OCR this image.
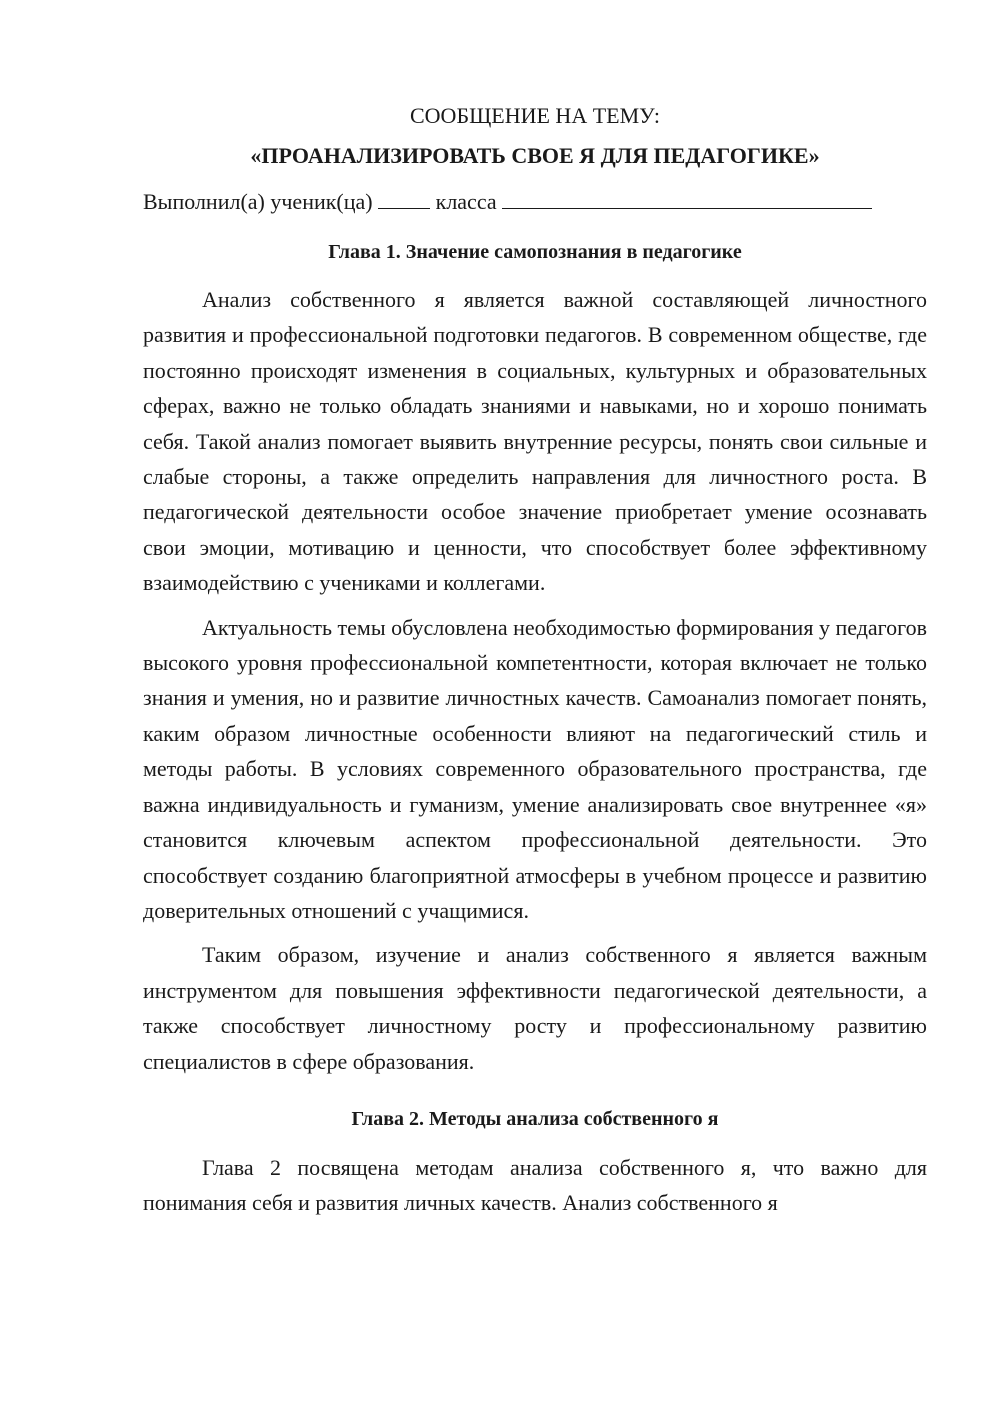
СООБЩЕНИЕ НА ТЕМУ:

«ПРОАНАЛИЗИРОВАТЬ СВОЕ Я ДЛЯ ПЕДАГОГИКЕ»

Выполнил(а) ученик(ца)	класса
Глава 1. Значение самопознания в педагогике

Анализ собственного я является важной составляющей личностного развития и профессиональной подготовки педагогов. В современном обществе, где постоянно происходят изменения в социальных, культурных и образовательных сферах, важно не только обладать знаниями и навыками, но и хорошо понимать себя. Такой анализ помогает выявить внутренние ресурсы, понять свои сильные и слабые стороны, а также определить направления для личностного роста. В педагогической деятельности особое значение приобретает умение осознавать свои эмоции, мотивацию и ценности, что способствует более эффективному взаимодействию с учениками и коллегами.

Актуальность темы обусловлена необходимостью формирования у педагогов высокого уровня профессиональной компетентности, которая включает не только знания и умения, но и развитие личностных качеств. Самоанализ помогает понять, каким образом личностные особенности влияют на педагогический стиль и методы работы. В условиях современного образовательного пространства, где важна индивидуальность и гуманизм, умение анализировать свое внутреннее «я» становится ключевым аспектом профессиональной деятельности. Это способствует созданию благоприятной атмосферы в учебном процессе и развитию доверительных отношений с учащимися.

Таким образом, изучение и анализ собственного я является важным инструментом для повышения эффективности педагогической деятельности, а также способствует личностному росту и профессиональному развитию специалистов в сфере образования.

Глава 2. Методы анализа собственного я

Глава 2 посвящена методам анализа собственного я, что важно для понимания себя и развития личных качеств. Анализ собственного я
